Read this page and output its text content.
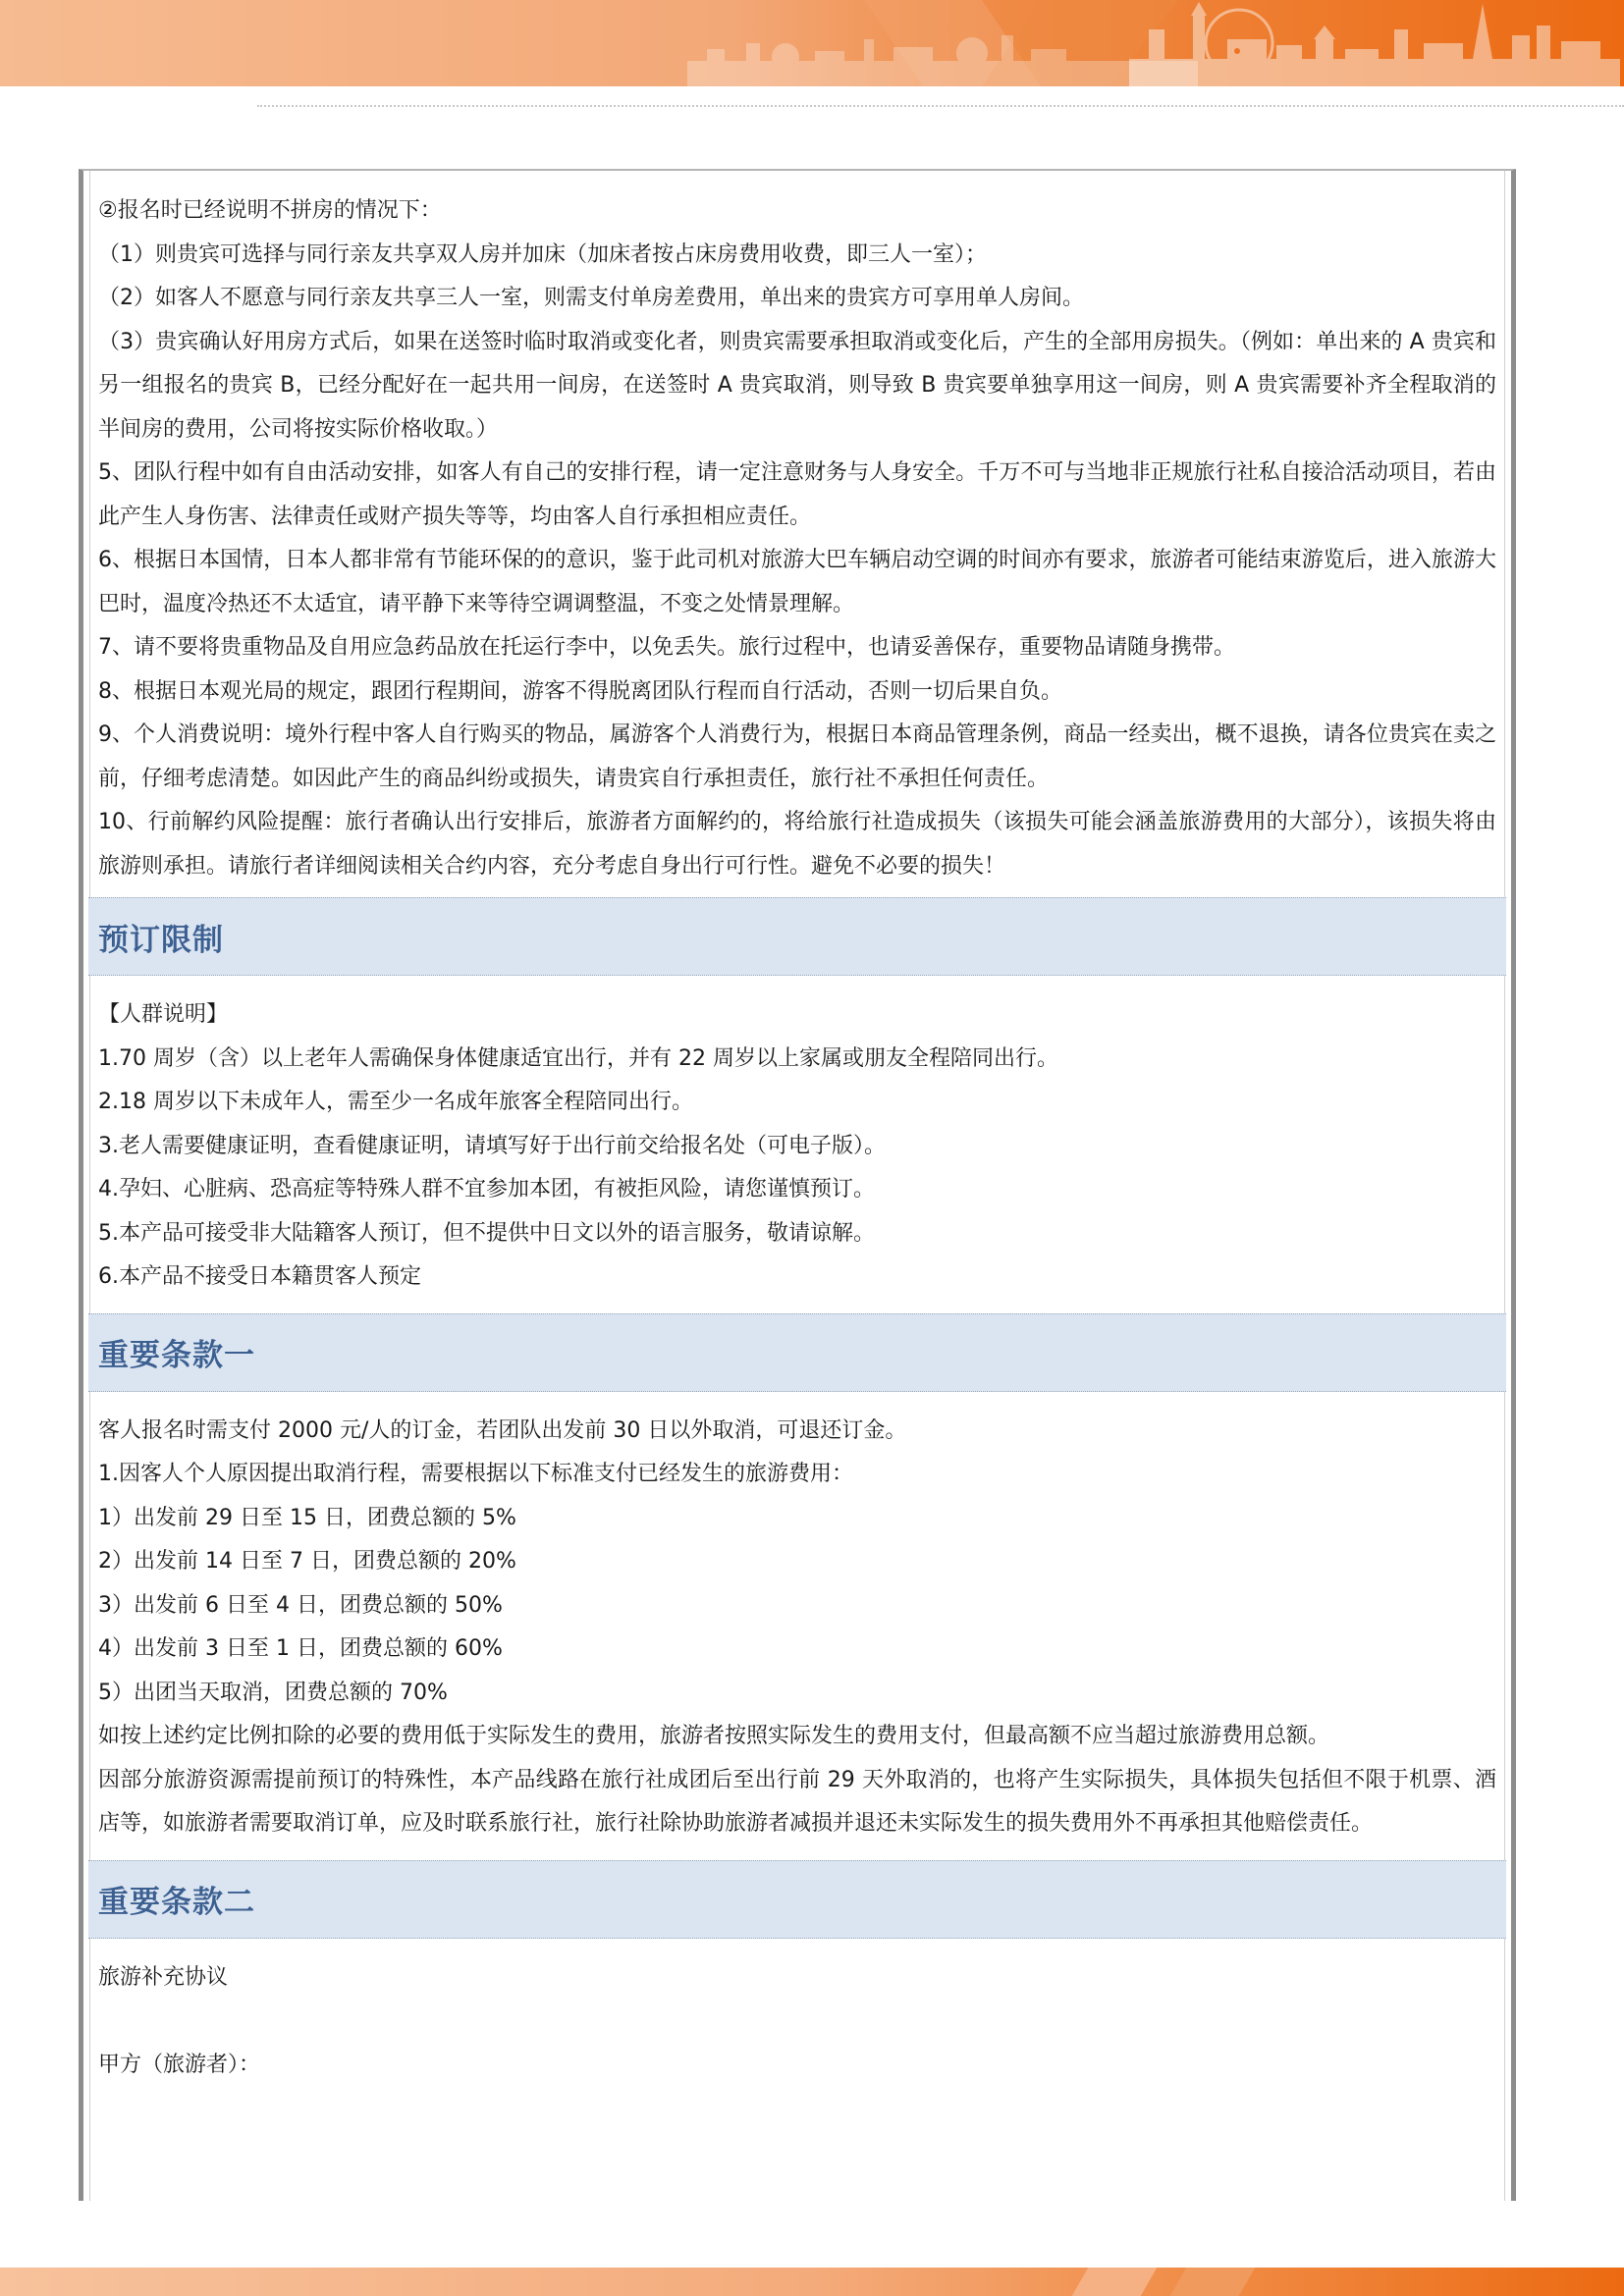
②报名时已经说明不拼房的情况下：
（1）则贵宾可选择与同行亲友共享双人房并加床（加床者按占床房费用收费，即三人一室）；
（2）如客人不愿意与同行亲友共享三人一室，则需支付单房差费用，单出来的贵宾方可享用单人房间。
（3）贵宾确认好用房方式后，如果在送签时临时取消或变化者，则贵宾需要承担取消或变化后，产生的全部用房损失。（例如：单出来的 A 贵宾和另一组报名的贵宾 B，已经分配好在一起共用一间房，在送签时 A 贵宾取消，则导致 B 贵宾要单独享用这一间房，则 A 贵宾需要补齐全程取消的半间房的费用，公司将按实际价格收取。）
5、团队行程中如有自由活动安排，如客人有自己的安排行程，请一定注意财务与人身安全。千万不可与当地非正规旅行社私自接洽活动项目，若由此产生人身伤害、法律责任或财产损失等等，均由客人自行承担相应责任。
6、根据日本国情，日本人都非常有节能环保的的意识，鉴于此司机对旅游大巴车辆启动空调的时间亦有要求，旅游者可能结束游览后，进入旅游大巴时，温度冷热还不太适宜，请平静下来等待空调调整温，不变之处情景理解。
7、请不要将贵重物品及自用应急药品放在托运行李中，以免丢失。旅行过程中，也请妥善保存，重要物品请随身携带。
8、根据日本观光局的规定，跟团行程期间，游客不得脱离团队行程而自行活动，否则一切后果自负。
9、个人消费说明：境外行程中客人自行购买的物品，属游客个人消费行为，根据日本商品管理条例，商品一经卖出，概不退换，请各位贵宾在卖之前，仔细考虑清楚。如因此产生的商品纠纷或损失，请贵宾自行承担责任，旅行社不承担任何责任。
10、行前解约风险提醒：旅行者确认出行安排后，旅游者方面解约的，将给旅行社造成损失（该损失可能会涵盖旅游费用的大部分），该损失将由旅游则承担。请旅行者详细阅读相关合约内容，充分考虑自身出行可行性。避免不必要的损失！
预订限制
【人群说明】
1.70 周岁（含）以上老年人需确保身体健康适宜出行，并有 22 周岁以上家属或朋友全程陪同出行。
2.18 周岁以下未成年人，需至少一名成年旅客全程陪同出行。
3.老人需要健康证明，查看健康证明，请填写好于出行前交给报名处（可电子版）。
4.孕妇、心脏病、恐高症等特殊人群不宜参加本团，有被拒风险，请您谨慎预订。
5.本产品可接受非大陆籍客人预订，但不提供中日文以外的语言服务，敬请谅解。
6.本产品不接受日本籍贯客人预定
重要条款一
客人报名时需支付 2000 元/人的订金，若团队出发前 30 日以外取消，可退还订金。
1.因客人个人原因提出取消行程，需要根据以下标准支付已经发生的旅游费用：
1）出发前 29 日至 15 日，团费总额的 5%
2）出发前 14 日至 7 日，团费总额的 20%
3）出发前 6 日至 4 日，团费总额的 50%
4）出发前 3 日至 1 日，团费总额的 60%
5）出团当天取消，团费总额的 70%
如按上述约定比例扣除的必要的费用低于实际发生的费用，旅游者按照实际发生的费用支付，但最高额不应当超过旅游费用总额。
因部分旅游资源需提前预订的特殊性，本产品线路在旅行社成团后至出行前 29 天外取消的，也将产生实际损失，具体损失包括但不限于机票、酒店等，如旅游者需要取消订单，应及时联系旅行社，旅行社除协助旅游者减损并退还未实际发生的损失费用外不再承担其他赔偿责任。
重要条款二
旅游补充协议
甲方（旅游者）：
